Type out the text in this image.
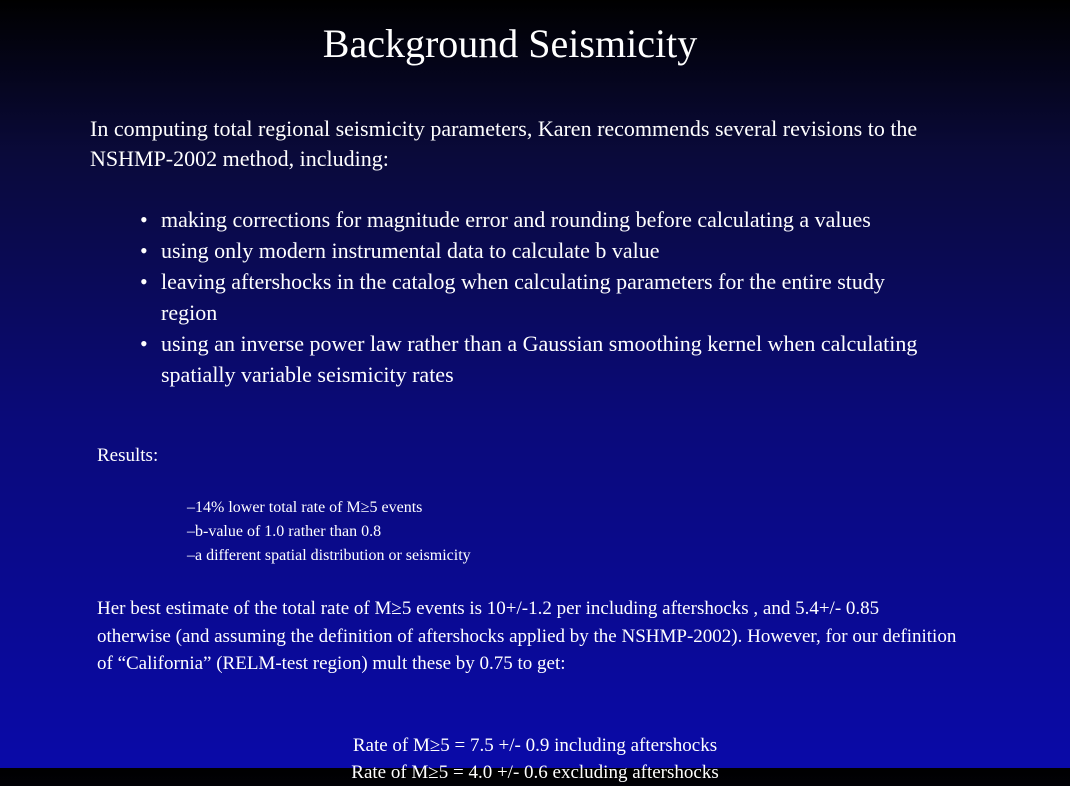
Background Seismicity
In computing total regional seismicity parameters, Karen recommends several revisions to the NSHMP-2002 method, including:
• making corrections for magnitude error and rounding before calculating a values
• using only modern instrumental data to calculate b value
• leaving aftershocks in the catalog when calculating parameters for the entire study region
• using an inverse power law rather than a Gaussian smoothing kernel when calculating spatially variable seismicity rates
Results:
–14% lower total rate of M≥5 events
–b-value of 1.0 rather than 0.8
–a different spatial distribution or seismicity
Her best estimate of the total rate of M≥5 events is 10+/-1.2 per including aftershocks , and 5.4+/- 0.85 otherwise (and assuming the definition of aftershocks applied by the NSHMP-2002). However, for our definition of “California” (RELM-test region) mult these by 0.75 to get:
Rate of M≥5 = 7.5 +/- 0.9 including aftershocks
Rate of M≥5 = 4.0 +/- 0.6 excluding aftershocks
